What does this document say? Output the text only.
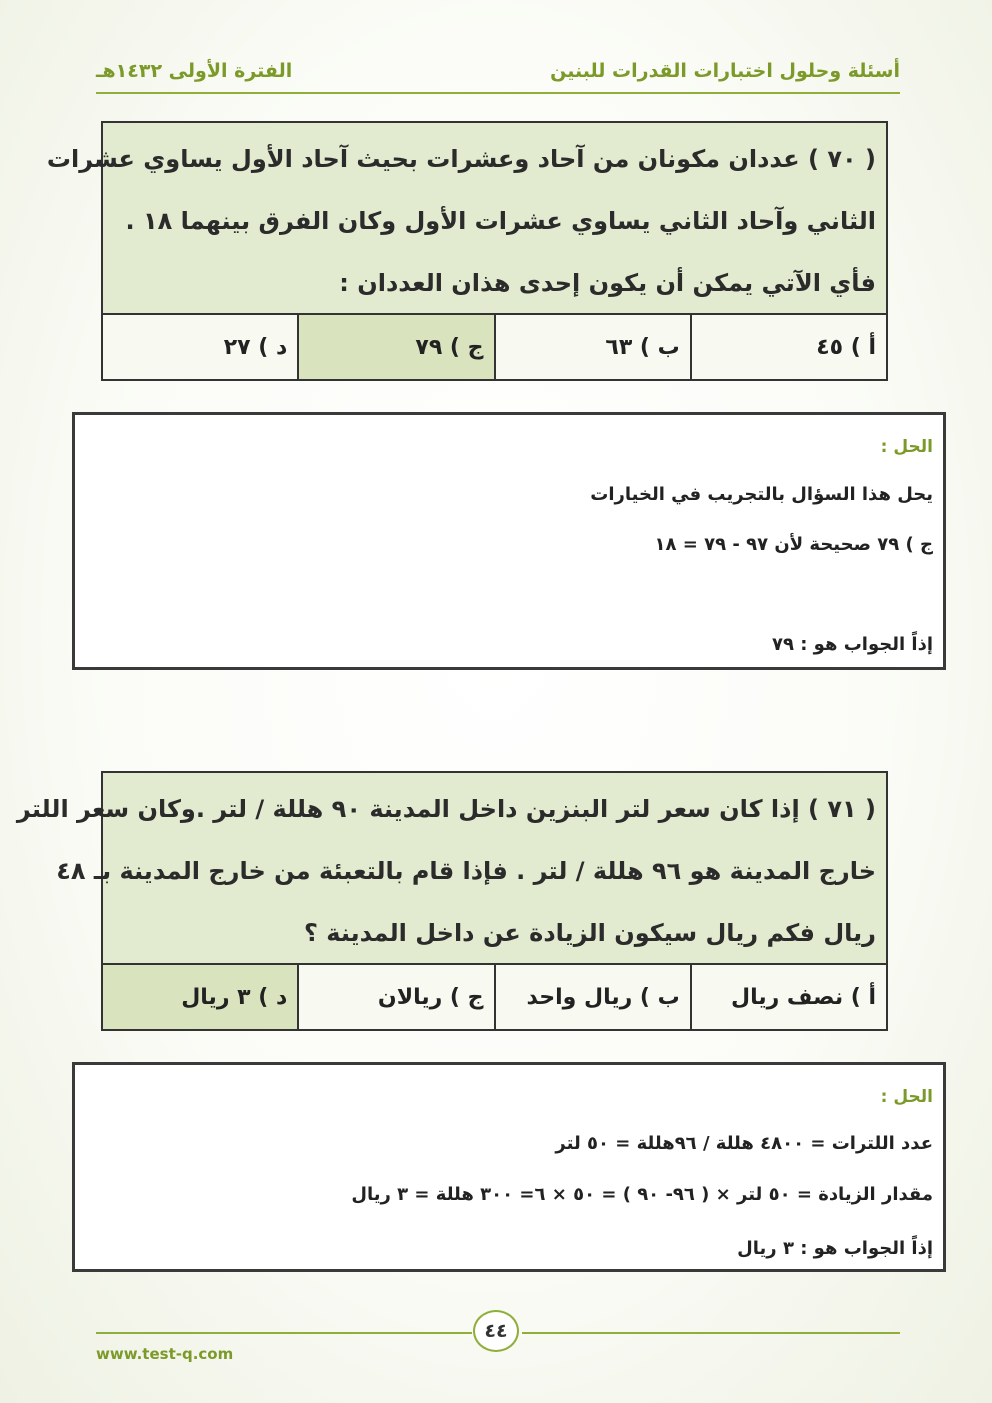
أسئلة وحلول اختبارات القدرات للبنين
الفترة الأولى ١٤٣٢هـ
( ٧٠ ) عددان مكونان من آحاد وعشرات بحيث آحاد الأول يساوي عشرات
الثاني وآحاد الثاني يساوي عشرات الأول وكان الفرق بينهما ١٨ .
فأي الآتي يمكن أن يكون إحدى هذان العددان :
أ ) ٤٥
ب ) ٦٣
ج ) ٧٩
د ) ٢٧
الحل :
يحل هذا السؤال بالتجريب في الخيارات
ج ) ٧٩ صحيحة لأن ٩٧ - ٧٩ = ١٨
إذاً الجواب هو : ٧٩
( ٧١ ) إذا كان سعر لتر البنزين داخل المدينة ٩٠ هللة / لتر .وكان سعر اللتر
خارج المدينة هو ٩٦ هللة / لتر . فإذا قام بالتعبئة من خارج المدينة بـ ٤٨
ريال فكم ريال سيكون الزيادة عن داخل المدينة ؟
أ ) نصف ريال
ب ) ريال واحد
ج ) ريالان
د ) ٣ ريال
الحل :
عدد اللترات = ٤٨٠٠ هللة / ٩٦هللة = ٥٠ لتر
مقدار الزيادة = ٥٠ لتر × ( ٩٦- ٩٠ ) = ٥٠ × ٦= ٣٠٠ هللة = ٣ ريال
إذاً الجواب هو : ٣ ريال
٤٤
www.test-q.com
